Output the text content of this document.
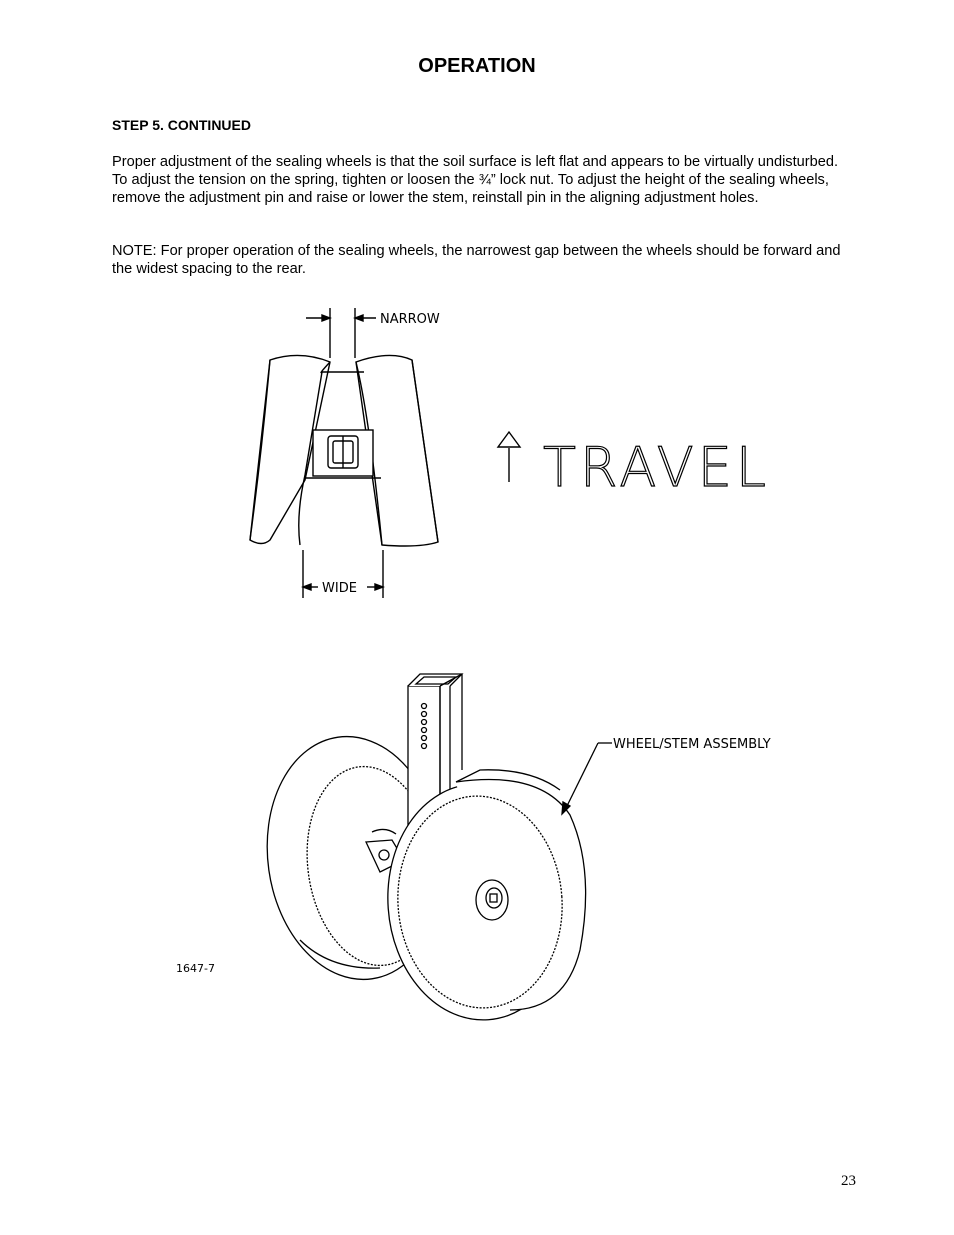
OPERATION

STEP 5. CONTINUED

Proper adjustment of the sealing wheels is that the soil surface is left flat and appears to be virtually undisturbed. To adjust the tension on the spring, tighten or loosen the ¾” lock nut. To adjust the height of the sealing wheels, remove the adjustment pin and raise or lower the stem, reinstall pin in the aligning adjustment holes.

NOTE: For proper operation of the sealing wheels, the narrowest gap between the wheels should be forward and the widest spacing to the rear.

NARROW
WIDE
TRAVEL
WHEEL/STEM ASSEMBLY
1647-7

23
